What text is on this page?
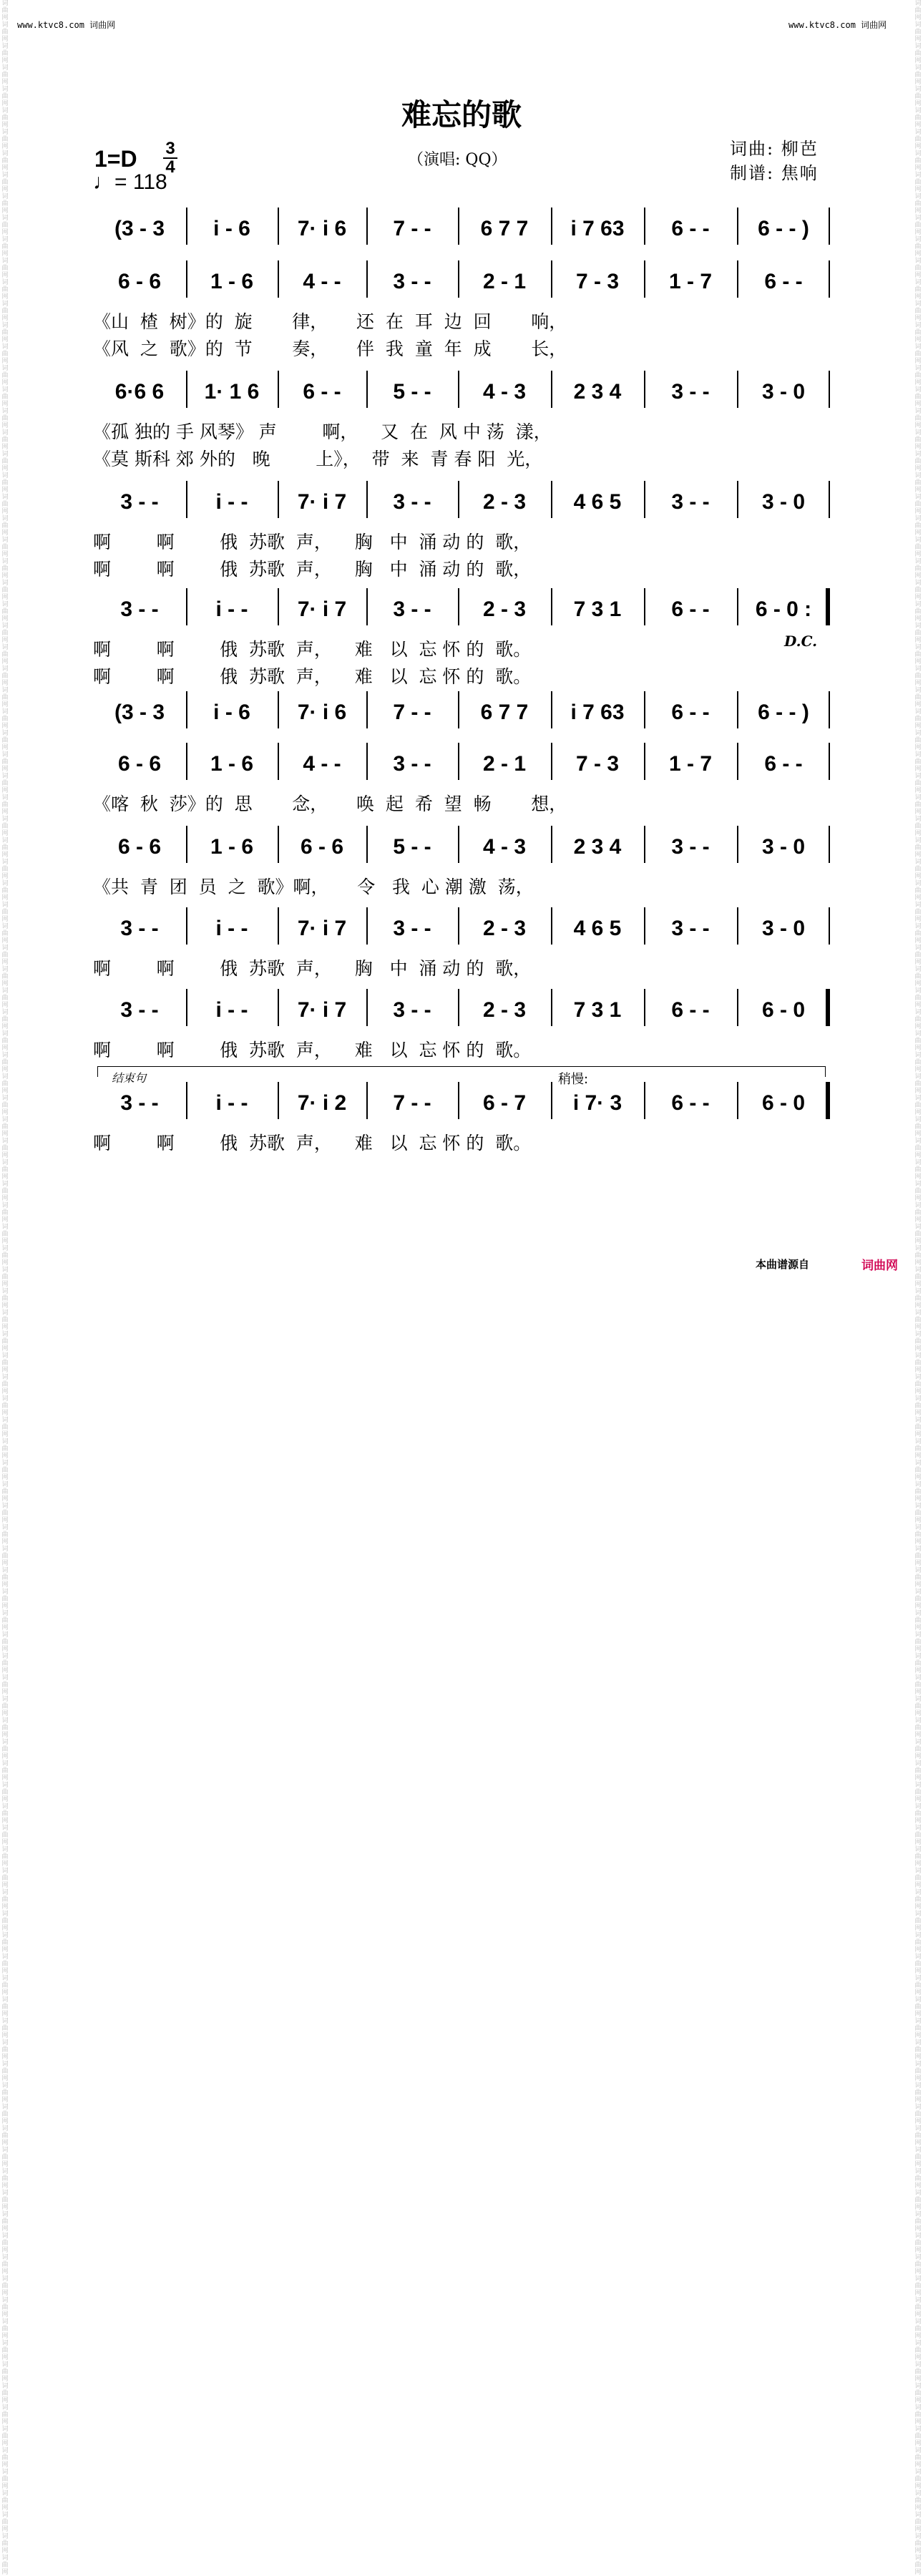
词
曲
网
词
曲
网
词
曲
网
词
曲
网
词
曲
网
词
曲
网
词
曲
网
词
曲
网
词
曲
网
词
曲
网
词
曲
网
词
曲
网
词
曲
网
词
曲
网
词
曲
网
词
曲
网
词
曲
网
词
曲
网
词
曲
网
词
曲
网
词
曲
网
词
曲
网
词
曲
网
词
曲
网
词
曲
网
词
曲
网
词
曲
网
词
曲
网
词
曲
网
词
曲
网
词
曲
网
词
曲
网
词
曲
网
词
曲
网
词
曲
网
词
曲
网
词
曲
网
词
曲
网
词
曲
网
词
曲
网
词
曲
网
词
曲
网
词
曲
网
词
曲
网
词
曲
网
词
曲
网
词
曲
网
词
曲
网
词
曲
网
词
曲
网
词
曲
网
词
曲
网
词
曲
网
词
曲
网
词
曲
网
词
曲
网
词
曲
网
词
曲
网
词
曲
网
词
曲
网
词
曲
网
词
曲
网
词
曲
网
词
曲
网
词
曲
网
词
曲
网
词
曲
网
词
曲
网
词
曲
网
词
曲
网
词
曲
网
词
曲
网
词
曲
网
词
曲
网
词
曲
网
词
曲
网
词
曲
网
词
曲
网
词
曲
网
词
曲
网
词
曲
网
词
曲
网
词
曲
网
词
曲
网
词
曲
网
词
曲
网
词
曲
网
词
曲
网
词
曲
网
词
曲
网
词
曲
网
词
曲
网
词
曲
网
词
曲
网
词
曲
网
词
曲
网
词
曲
网
词
曲
网
词
曲
网
词
曲
网
词
曲
网
词
曲
网
词
曲
网
词
曲
网
词
曲
网
词
曲
网
词
曲
网
词
曲
网
词
曲
网
词
曲
网
词
曲
网
词
曲
网
词
曲
网
词
曲
网
词
曲
网
词
曲
网
词
曲
网
词
曲
网
词
曲
网
词
曲
网

词
曲
网
词
曲
网
词
曲
网
词
曲
网
词
曲
网
词
曲
网
词
曲
网
词
曲
网
词
曲
网
词
曲
网
词
曲
网
词
曲
网
词
曲
网
词
曲
网
词
曲
网
词
曲
网
词
曲
网
词
曲
网
词
曲
网
词
曲
网
词
曲
网
词
曲
网
词
曲
网
词
曲
网
词
曲
网
词
曲
网
词
曲
网
词
曲
网
词
曲
网
词
曲
网
词
曲
网
词
曲
网
词
曲
网
词
曲
网
词
曲
网
词
曲
网
词
曲
网
词
曲
网
词
曲
网
词
曲
网
词
曲
网
词
曲
网
词
曲
网
词
曲
网
词
曲
网
词
曲
网
词
曲
网
词
曲
网
词
曲
网
词
曲
网
词
曲
网
词
曲
网
词
曲
网
词
曲
网
词
曲
网
词
曲
网
词
曲
网
词
曲
网
词
曲
网
词
曲
网
词
曲
网
词
曲
网
词
曲
网
词
曲
网
词
曲
网
词
曲
网
词
曲
网
词
曲
网
词
曲
网
词
曲
网
词
曲
网
词
曲
网
词
曲
网
词
曲
网
词
曲
网
词
曲
网
词
曲
网
词
曲
网
词
曲
网
词
曲
网
词
曲
网
词
曲
网
词
曲
网
词
曲
网
词
曲
网
词
曲
网
词
曲
网
词
曲
网
词
曲
网
词
曲
网
词
曲
网
词
曲
网
词
曲
网
词
曲
网
词
曲
网
词
曲
网
词
曲
网
词
曲
网
词
曲
网
词
曲
网
词
曲
网
词
曲
网
词
曲
网
词
曲
网
词
曲
网
词
曲
网
词
曲
网
词
曲
网
词
曲
网
词
曲
网
词
曲
网
词
曲
网
词
曲
网
词
曲
网
词
曲
网
词
曲
网
词
曲
网
词
曲
网
词
曲
网
词
曲
网

www.ktvc8.com 词曲网	www.ktvc8.com 词曲网
难忘的歌
1=D 3
4
♩= 118
（演唱: QQ）
词曲: 柳芭
制谱: 焦响
D.C.
结束句	稍慢:
(3 - 3	i - 6	7· i 6	7 - -	6 7 7	i 7 63	6 - -	6 - - )
6 - 6	1 - 6	4 - -	3 - -	2 - 1	7 - 3	1 - 7	6 - -
《山  楂  树》的  旋       律，     还  在  耳  边  回       响，
《风  之  歌》的  节       奏，     伴  我  童  年  成       长，
6·6 6	1· 1 6	6 - -	5 - -	4 - 3	2 3 4	3 - -	3 - 0
《孤 独的 手 风琴》 声        啊，    又  在  风 中 荡  漾，
《莫 斯科 郊 外的   晚        上》，  带  来  青 春 阳  光，
3 - -	i - -	7· i 7	3 - -	2 - 3	4 6 5	3 - -	3 - 0
啊        啊        俄  苏歌  声，    胸   中  涌 动 的  歌，
啊        啊        俄  苏歌  声，    胸   中  涌 动 的  歌，
3 - -	i - -	7· i 7	3 - -	2 - 3	7 3 1	6 - -	6 - 0 :
啊        啊        俄  苏歌  声，    难   以  忘 怀 的  歌。
啊        啊        俄  苏歌  声，    难   以  忘 怀 的  歌。
(3 - 3	i - 6	7· i 6	7 - -	6 7 7	i 7 63	6 - -	6 - - )
6 - 6	1 - 6	4 - -	3 - -	2 - 1	7 - 3	1 - 7	6 - -
《喀  秋  莎》的  思       念，     唤  起  希  望  畅       想，
6 - 6	1 - 6	6 - 6	5 - -	4 - 3	2 3 4	3 - -	3 - 0
《共  青  团  员  之  歌》啊，     令   我  心 潮 激  荡，
3 - -	i - -	7· i 7	3 - -	2 - 3	4 6 5	3 - -	3 - 0
啊        啊        俄  苏歌  声，    胸   中  涌 动 的  歌，
3 - -	i - -	7· i 7	3 - -	2 - 3	7 3 1	6 - -	6 - 0
啊        啊        俄  苏歌  声，    难   以  忘 怀 的  歌。
3 - -	i - -	7· i 2	7 - -	6 - 7	i 7· 3	6 - -	6 - 0
啊        啊        俄  苏歌  声，    难   以  忘 怀 的  歌。
本曲谱源自	词曲网
